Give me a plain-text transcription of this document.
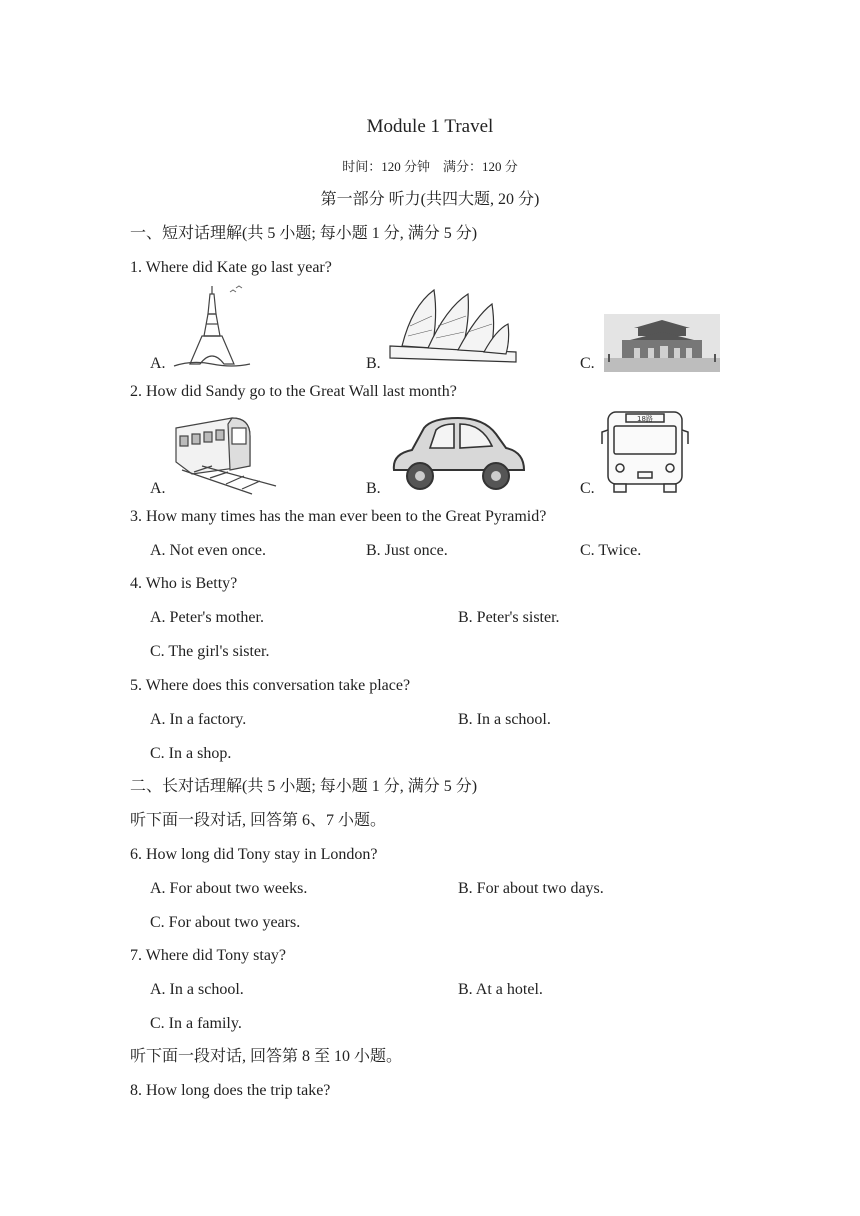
Module 1 Travel
时间：120 分钟　满分：120 分
第一部分 听力(共四大题, 20 分)
一、短对话理解(共 5 小题; 每小题 1 分, 满分 5 分)
1. Where did Kate go last year?
A.	B.	C.
2. How did Sandy go to the Great Wall last month?
A.	B.	C.
18路
3. How many times has the man ever been to the Great Pyramid?
A. Not even once.	B. Just once.	C. Twice.
4. Who is Betty?
A. Peter's mother.	B. Peter's sister.
C. The girl's sister.
5. Where does this conversation take place?
A. In a factory.	B. In a school.
C. In a shop.
二、长对话理解(共 5 小题; 每小题 1 分, 满分 5 分)
听下面一段对话, 回答第 6、7 小题。
6. How long did Tony stay in London?
A. For about two weeks.	B. For about two days.
C. For about two years.
7. Where did Tony stay?
A. In a school.	B. At a hotel.
C. In a family.
听下面一段对话, 回答第 8 至 10 小题。
8. How long does the trip take?
